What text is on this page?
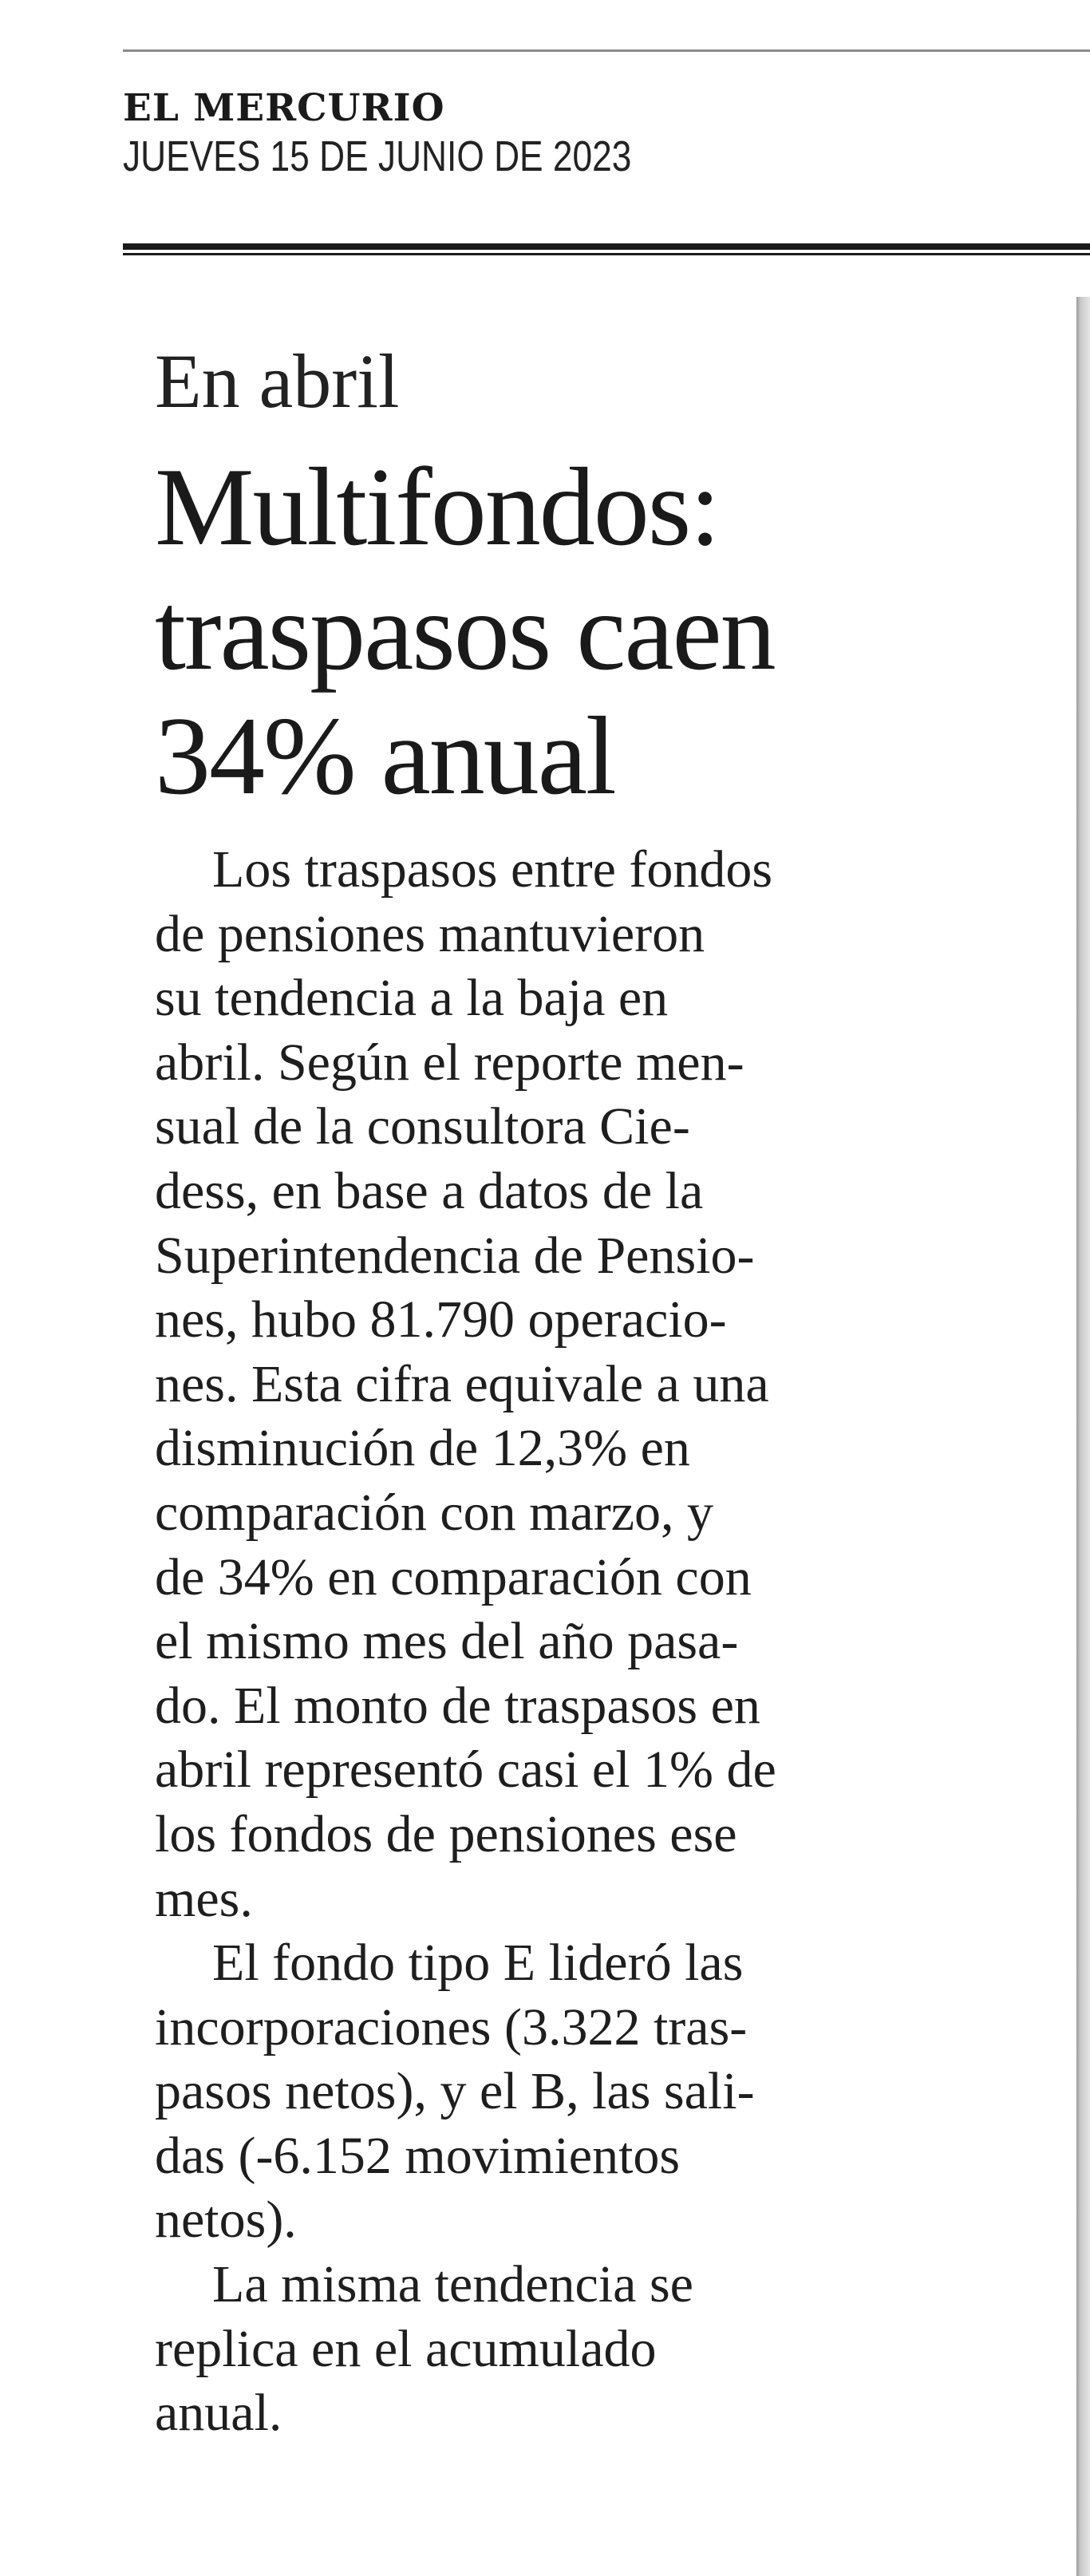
EL MERCURIO
JUEVES 15 DE JUNIO DE 2023

En abril

Multifondos:
traspasos caen
34% anual

Los traspasos entre fondos
de pensiones mantuvieron
su tendencia a la baja en
abril. Según el reporte men-
sual de la consultora Cie-
dess, en base a datos de la
Superintendencia de Pensio-
nes, hubo 81.790 operacio-
nes. Esta cifra equivale a una
disminución de 12,3% en
comparación con marzo, y
de 34% en comparación con
el mismo mes del año pasa-
do. El monto de traspasos en
abril representó casi el 1% de
los fondos de pensiones ese
mes.

El fondo tipo E lideró las
incorporaciones (3.322 tras-
pasos netos), y el B, las sali-
das (-6.152 movimientos
netos).

La misma tendencia se
replica en el acumulado
anual.
